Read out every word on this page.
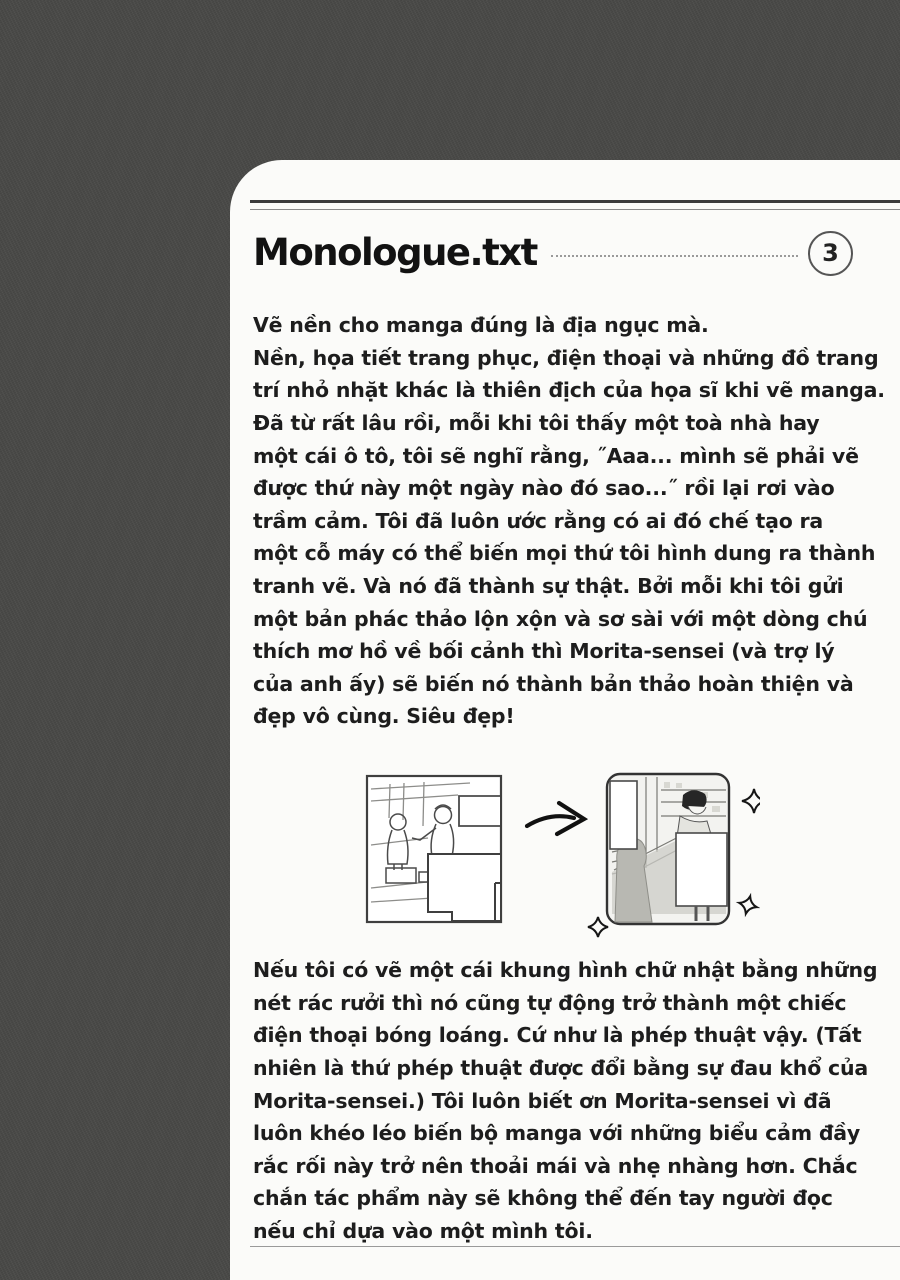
Monologue.txt	3
Vẽ nền cho manga đúng là địa ngục mà.
Nền, họa tiết trang phục, điện thoại và những đồ trang
trí nhỏ nhặt khác là thiên địch của họa sĩ khi vẽ manga.
Đã từ rất lâu rồi, mỗi khi tôi thấy một toà nhà hay
một cái ô tô, tôi sẽ nghĩ rằng, ˝Aaa... mình sẽ phải vẽ
được thứ này một ngày nào đó sao...˝ rồi lại rơi vào
trầm cảm. Tôi đã luôn ước rằng có ai đó chế tạo ra
một cỗ máy có thể biến mọi thứ tôi hình dung ra thành
tranh vẽ. Và nó đã thành sự thật. Bởi mỗi khi tôi gửi
một bản phác thảo lộn xộn và sơ sài với một dòng chú
thích mơ hồ về bối cảnh thì Morita-sensei (và trợ lý
của anh ấy) sẽ biến nó thành bản thảo hoàn thiện và
đẹp vô cùng. Siêu đẹp!
Nếu tôi có vẽ một cái khung hình chữ nhật bằng những
nét rác rưởi thì nó cũng tự động trở thành một chiếc
điện thoại bóng loáng. Cứ như là phép thuật vậy. (Tất
nhiên là thứ phép thuật được đổi bằng sự đau khổ của
Morita-sensei.) Tôi luôn biết ơn Morita-sensei vì đã
luôn khéo léo biến bộ manga với những biểu cảm đầy
rắc rối này trở nên thoải mái và nhẹ nhàng hơn. Chắc
chắn tác phẩm này sẽ không thể đến tay người đọc
nếu chỉ dựa vào một mình tôi.
